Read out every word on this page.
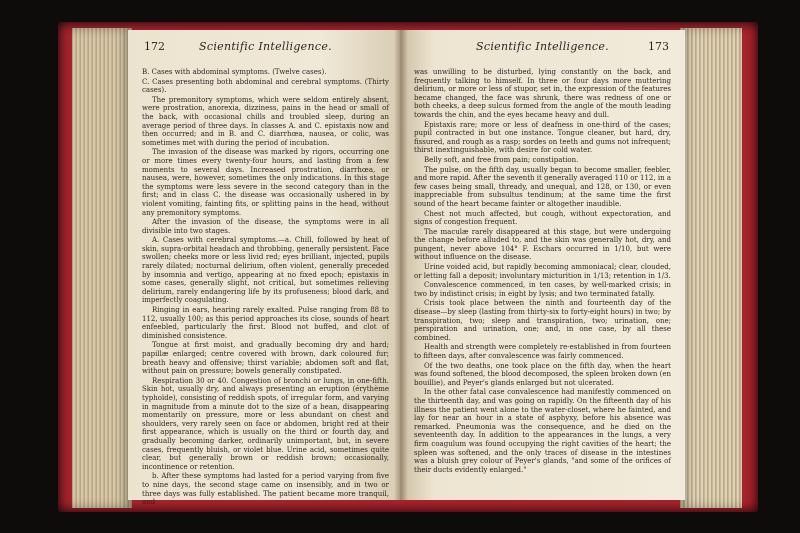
172	Scientific Intelligence.

B. Cases with abdominal symptoms. (Twelve cases).

C. Cases presenting both abdominal and cerebral symptoms. (Thirty cases).

The premonitory symptoms, which were seldom entirely absent, were prostration, anorexia, dizziness, pains in the head or small of the back, with occasional chills and troubled sleep, during an average period of three days. In classes A. and C. epistaxis now and then occurred; and in B. and C. diarrhœa, nausea, or colic, was sometimes met with during the period of incubation.

The invasion of the disease was marked by rigors, occurring one or more times every twenty-four hours, and lasting from a few moments to several days. Increased prostration, diarrhœa, or nausea, were, however, sometimes the only indications. In this stage the symptoms were less severe in the second category than in the first; and in class C. the disease was occasionally ushered in by violent vomiting, fainting fits, or splitting pains in the head, without any premonitory symptoms.

After the invasion of the disease, the symptoms were in all divisible into two stages.

A. Cases with cerebral symptoms.—a. Chill, followed by heat of skin, supra-orbital headach and throbbing, generally persistent. Face swollen; cheeks more or less livid red; eyes brilliant, injected, pupils rarely dilated; nocturnal delirium, often violent, generally preceded by insomnia and vertigo, appearing at no fixed epoch; epistaxis in some cases, generally slight, not critical, but sometimes relieving delirium, rarely endangering life by its profuseness; blood dark, and imperfectly coagulating.

Ringing in ears, hearing rarely exalted. Pulse ranging from 88 to 112, usually 100; as this period approaches its close, sounds of heart enfeebled, particularly the first. Blood not buffed, and clot of diminished consistence.

Tongue at first moist, and gradually becoming dry and hard; papillæ enlarged; centre covered with brown, dark coloured fur; breath heavy and offensive; thirst variable; abdomen soft and flat, without pain on pressure; bowels generally constipated.

Respiration 30 or 40. Congestion of bronchi or lungs, in one-fifth. Skin hot, usually dry, and always presenting an eruption (érythème typhoïde), consisting of reddish spots, of irregular form, and varying in magnitude from a minute dot to the size of a bean, disappearing momentarily on pressure, more or less abundant on chest and shoulders, very rarely seen on face or abdomen, bright red at their first appearance, which is usually on the third or fourth day, and gradually becoming darker, ordinarily unimportant, but, in severe cases, frequently bluish, or violet blue. Urine acid, sometimes quite clear, but generally brown or reddish brown; occasionally, incontinence or retention.

b. After these symptoms had lasted for a period varying from five to nine days, the second stage came on insensibly, and in two or three days was fully established. The patient became more tranquil, and

Scientific Intelligence.	173

was unwilling to be disturbed, lying constantly on the back, and frequently talking to himself. In three or four days more muttering delirium, or more or less of stupor, set in, the expression of the features became changed, the face was shrunk, there was redness of one or both cheeks, a deep sulcus formed from the angle of the mouth leading towards the chin, and the eyes became heavy and dull.

Epistaxis rare; more or less of deafness in one-third of the cases; pupil contracted in but one instance. Tongue cleaner, but hard, dry, fissured, and rough as a rasp; sordes on teeth and gums not infrequent; thirst inextinguishable, with desire for cold water.

Belly soft, and free from pain; constipation.

The pulse, on the fifth day, usually began to become smaller, feebler, and more rapid. After the seventh it generally averaged 110 or 112, in a few cases being small, thready, and unequal, and 128, or 130, or even inappreciable from subsultus tendinum; at the same time the first sound of the heart became fainter or altogether inaudible.

Chest not much affected, but cough, without expectoration, and signs of congestion frequent.

The maculæ rarely disappeared at this stage, but were undergoing the change before alluded to, and the skin was generally hot, dry, and pungent, never above 104° F. Eschars occurred in 1/10, but were without influence on the disease.

Urine voided acid, but rapidly becoming ammoniacal; clear, clouded, or letting fall a deposit; involuntary micturition in 1/13; retention in 1/3.

Convalescence commenced, in ten cases, by well-marked crisis; in two by indistinct crisis; in eight by lysis; and two terminated fatally.

Crisis took place between the ninth and fourteenth day of the disease—by sleep (lasting from thirty-six to forty-eight hours) in two; by transpiration, two; sleep and transpiration, two; urination, one; perspiration and urination, one; and, in one case, by all these combined.

Health and strength were completely re-established in from fourteen to fifteen days, after convalescence was fairly commenced.

Of the two deaths, one took place on the fifth day, when the heart was found softened, the blood decomposed, the spleen broken down (en bouillie), and Peyer's glands enlarged but not ulcerated.

In the other fatal case convalescence had manifestly commenced on the thirteenth day, and was going on rapidly. On the fifteenth day of his illness the patient went alone to the water-closet, where he fainted, and lay for near an hour in a state of asphyxy, before his absence was remarked. Pneumonia was the consequence, and he died on the seventeenth day. In addition to the appearances in the lungs, a very firm coagulum was found occupying the right cavities of the heart; the spleen was softened, and the only traces of disease in the intestines was a bluish grey colour of Peyer's glands, "and some of the orifices of their ducts evidently enlarged."
